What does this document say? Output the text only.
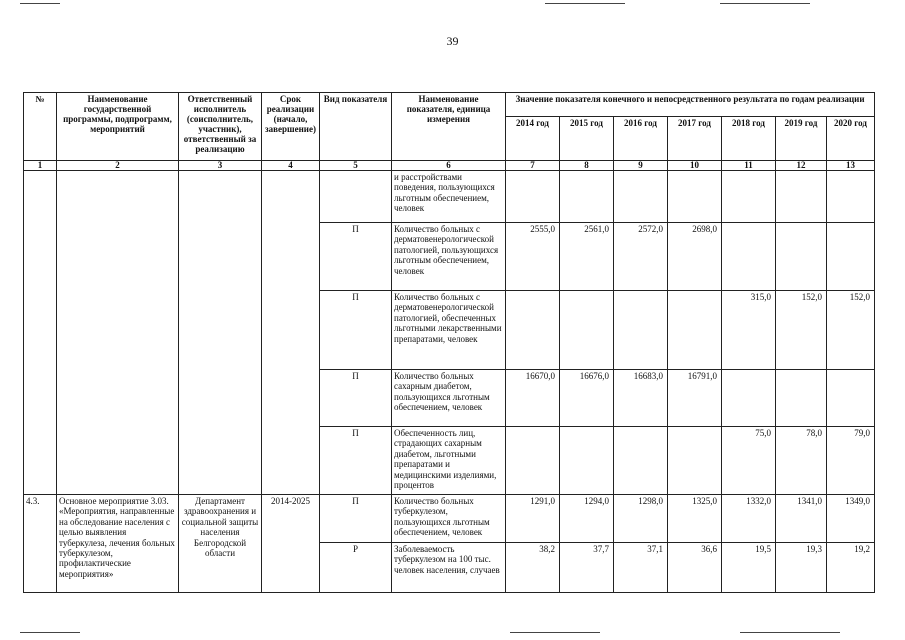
39
№	Наименование государственной программы, подпрограмм, мероприятий	Ответственный исполнитель (соисполнитель, участник), ответственный за реализацию	Срок реализации (начало, завершение)	Вид показателя	Наименование показателя, единица измерения	Значение показателя конечного и непосредственного результата по годам реализации						
						2014 год	2015 год	2016 год	2017 год	2018 год	2019 год	2020 год
1	2	3	4	5	6	7	8	9	10	11	12	13
					и расстройствами поведения, пользующихся льготным обеспечением, человек							
				П	Количество больных с дерматовенерологической патологией, пользующихся льготным обеспечением, человек	2555,0	2561,0	2572,0	2698,0			
				П	Количество больных с дерматовенерологической патологией, обеспеченных льготными лекарственными препаратами, человек					315,0	152,0	152,0
				П	Количество больных сахарным диабетом, пользующихся льготным обеспечением, человек	16670,0	16676,0	16683,0	16791,0			
				П	Обеспеченность лиц, страдающих сахарным диабетом, льготными препаратами и медицинскими изделиями, процентов					75,0	78,0	79,0
4.3.	Основное мероприятие 3.03. «Мероприятия, направленные на обследование населения с целью выявления туберкулеза, лечения больных туберкулезом, профилактические мероприятия»	Департамент здравоохранения и социальной защиты населения Белгородской области	2014-2025	П	Количество больных туберкулезом, пользующихся льготным обеспечением, человек	1291,0	1294,0	1298,0	1325,0	1332,0	1341,0	1349,0
				Р	Заболеваемость туберкулезом на 100 тыс. человек населения, случаев	38,2	37,7	37,1	36,6	19,5	19,3	19,2
